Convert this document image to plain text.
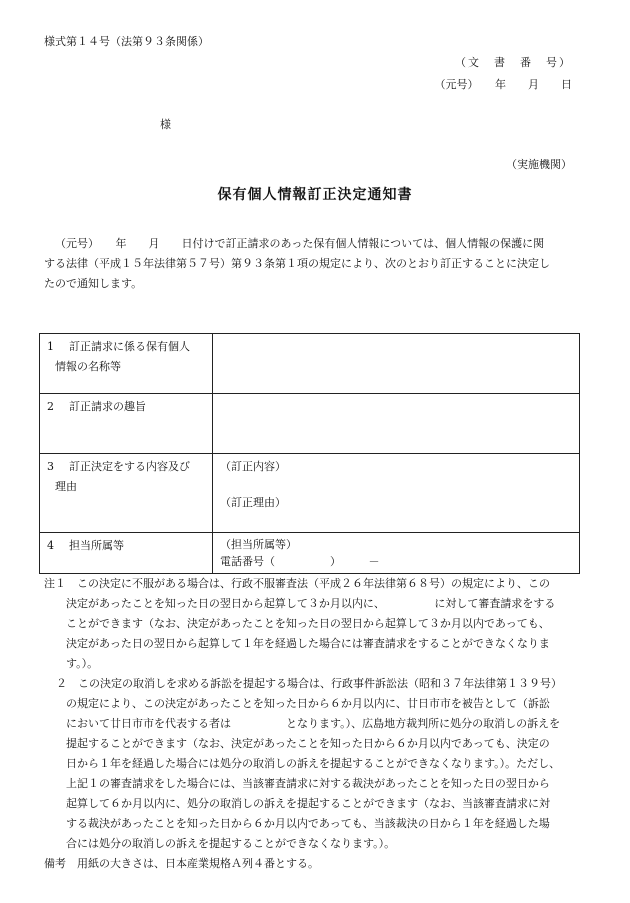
様式第１４号（法第９３条関係）
（文　書　番　号）
（元号）　　年　　月　　日
様
（実施機関）
保有個人情報訂正決定通知書
（元号）　　年　　月　　日付けで訂正請求のあった保有個人情報については、個人情報の保護に関
する法律（平成１５年法律第５７号）第９３条第１項の規定により、次のとおり訂正することに決定し
たので通知します。
1 訂正請求に係る保有個人
情報の名称等	

2 訂正請求の趣旨	

3 訂正決定をする内容及び
理由	（訂正内容）
（訂正理由）

4 担当所属等	（担当所属等）
電話番号（　　　　　）　　　－
注１　この決定に不服がある場合は、行政不服審査法（平成２６年法律第６８号）の規定により、この
決定があったことを知った日の翌日から起算して３か月以内に、　　　　　に対して審査請求をする
ことができます（なお、決定があったことを知った日の翌日から起算して３か月以内であっても、
決定があった日の翌日から起算して１年を経過した場合には審査請求をすることができなくなりま
す。）。
２　この決定の取消しを求める訴訟を提起する場合は、行政事件訴訟法（昭和３７年法律第１３９号）
の規定により、この決定があったことを知った日から６か月以内に、廿日市市を被告として（訴訟
において廿日市市を代表する者は　　　　　となります。）、広島地方裁判所に処分の取消しの訴えを
提起することができます（なお、決定があったことを知った日から６か月以内であっても、決定の
日から１年を経過した場合には処分の取消しの訴えを提起することができなくなります。）。ただし、
上記１の審査請求をした場合には、当該審査請求に対する裁決があったことを知った日の翌日から
起算して６か月以内に、処分の取消しの訴えを提起することができます（なお、当該審査請求に対
する裁決があったことを知った日から６か月以内であっても、当該裁決の日から１年を経過した場
合には処分の取消しの訴えを提起することができなくなります。）。
備考　用紙の大きさは、日本産業規格Ａ列４番とする。
